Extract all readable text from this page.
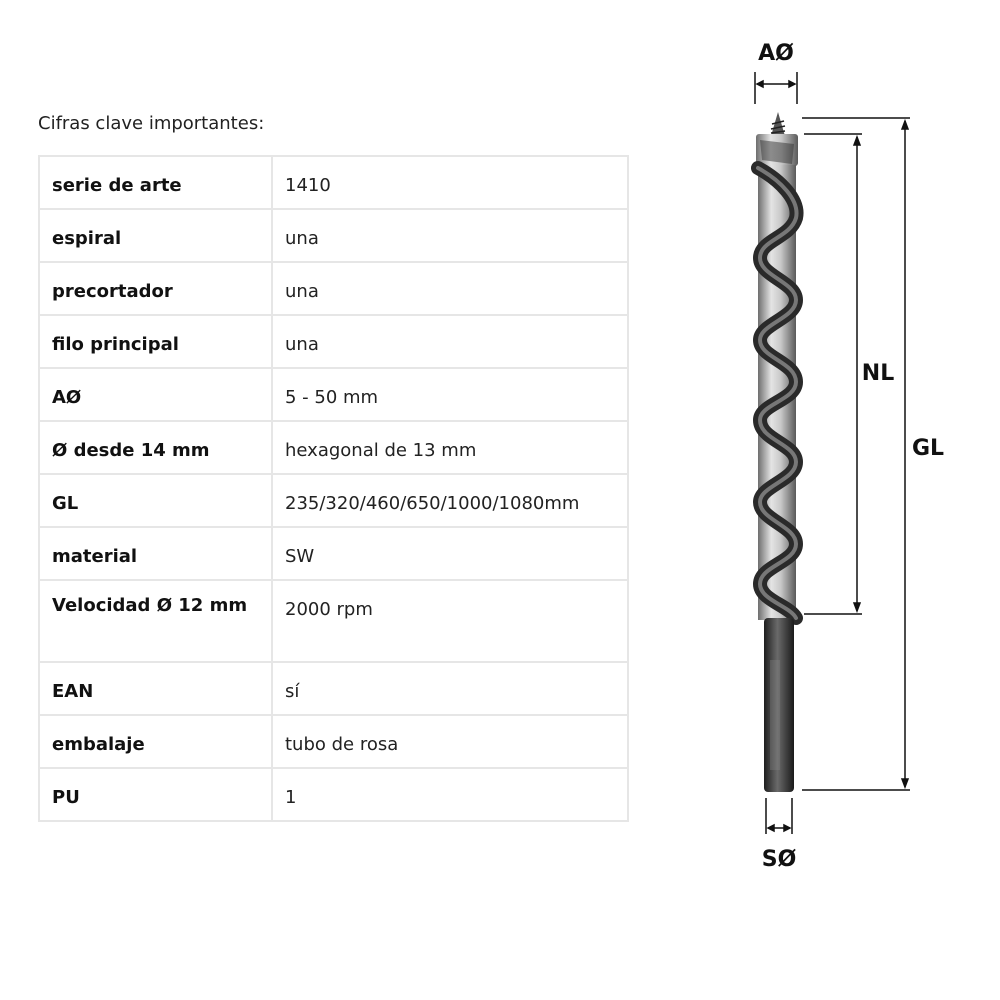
Cifras clave importantes:
serie de arte	1410
espiral	una
precortador	una
filo principal	una
AØ	5 - 50 mm
Ø desde 14 mm	hexagonal de 13 mm
GL	235/320/460/650/1000/1080mm
material	SW
Velocidad Ø 12 mm	2000 rpm
EAN	sí
embalaje	tubo de rosa
PU	1
AØ
NL
GL
SØ
